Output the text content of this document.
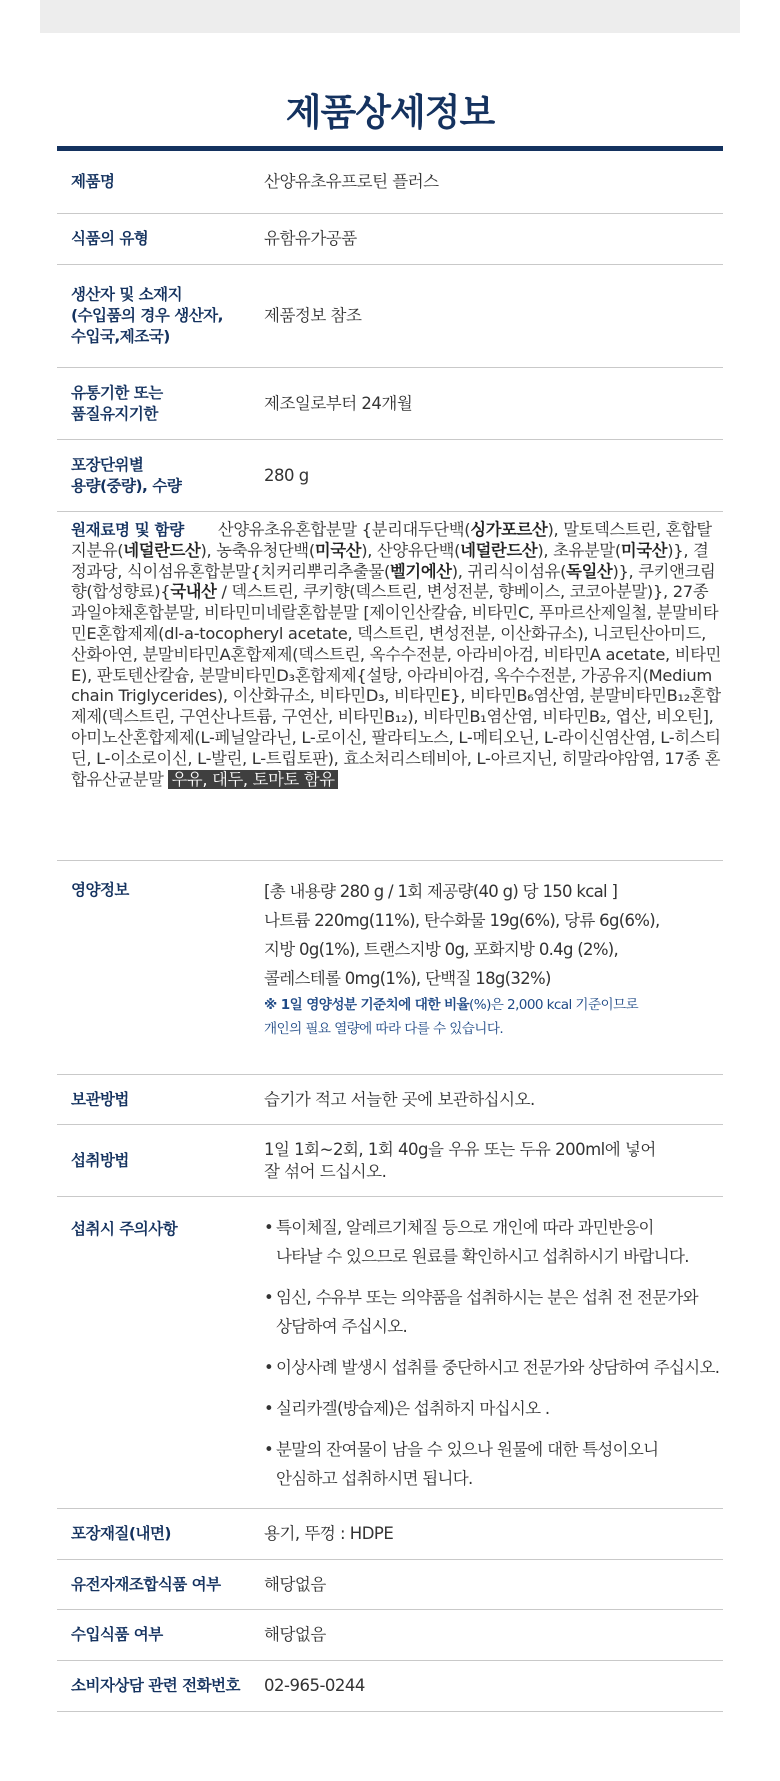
제품상세정보
제품명	산양유초유프로틴 플러스
식품의 유형	유함유가공품
생산자 및 소재지
(수입품의 경우 생산자,
수입국,제조국)
제품정보 참조
유통기한 또는
품질유지기한
제조일로부터 24개월
포장단위별
용량(중량), 수량
280 g
원재료명 및 함량 산양유초유혼합분말 {분리대두단백(싱가포르산), 말토덱스트린, 혼합탈지분유(네덜란드산), 농축유청단백(미국산), 산양유단백(네덜란드산), 초유분말(미국산)}, 결정과당, 식이섬유혼합분말{치커리뿌리추출물(벨기에산), 귀리식이섬유(독일산)}, 쿠키앤크림향(합성향료){국내산 / 덱스트린, 쿠키향(덱스트린, 변성전분, 향베이스, 코코아분말)}, 27종 과일야채혼합분말, 비타민미네랄혼합분말 [제이인산칼슘, 비타민C, 푸마르산제일철, 분말비타민E혼합제제(dl-a-tocopheryl acetate, 덱스트린, 변성전분, 이산화규소), 니코틴산아미드, 산화아연, 분말비타민A혼합제제(덱스트린, 옥수수전분, 아라비아검, 비타민A acetate, 비타민E), 판토텐산칼슘, 분말비타민D₃혼합제제{설탕, 아라비아검, 옥수수전분, 가공유지(Medium chain Triglycerides), 이산화규소, 비타민D₃, 비타민E}, 비타민B₆염산염, 분말비타민B₁₂혼합제제(덱스트린, 구연산나트륨, 구연산, 비타민B₁₂), 비타민B₁염산염, 비타민B₂, 엽산, 비오틴], 아미노산혼합제제(L-페닐알라닌, L-로이신, 팔라티노스, L-메티오닌, L-라이신염산염, L-히스티딘, L-이소로이신, L-발린, L-트립토판), 효소처리스테비아, L-아르지닌, 히말라야암염, 17종 혼합유산균분말 우유, 대두, 토마토 함유
영양정보	[총 내용량 280 g / 1회 제공량(40 g) 당 150 kcal ]
나트륨 220mg(11%), 탄수화물 19g(6%), 당류 6g(6%),
지방 0g(1%), 트랜스지방 0g, 포화지방 0.4g (2%),
콜레스테롤 0mg(1%), 단백질 18g(32%)
※ 1일 영양성분 기준치에 대한 비율(%)은 2,000 kcal 기준이므로
개인의 필요 열량에 따라 다를 수 있습니다.
보관방법	습기가 적고 서늘한 곳에 보관하십시오.
섭취방법
1일 1회~2회, 1회 40g을 우유 또는 두유 200ml에 넣어
잘 섞어 드십시오.
섭취시 주의사항
•	특이체질, 알레르기체질 등으로 개인에 따라 과민반응이
나타날 수 있으므로 원료를 확인하시고 섭취하시기 바랍니다.
• 임신, 수유부 또는 의약품을 섭취하시는 분은 섭취 전 전문가와
상담하여 주십시오.
• 이상사례 발생시 섭취를 중단하시고 전문가와 상담하여 주십시오.
• 실리카겔(방습제)은 섭취하지 마십시오 .
• 분말의 잔여물이 남을 수 있으나 원물에 대한 특성이오니
안심하고 섭취하시면 됩니다.
포장재질(내면)	용기, 뚜껑 : HDPE
유전자재조합식품 여부	해당없음
수입식품 여부	해당없음
소비자상담 관련 전화번호 02-965-0244
